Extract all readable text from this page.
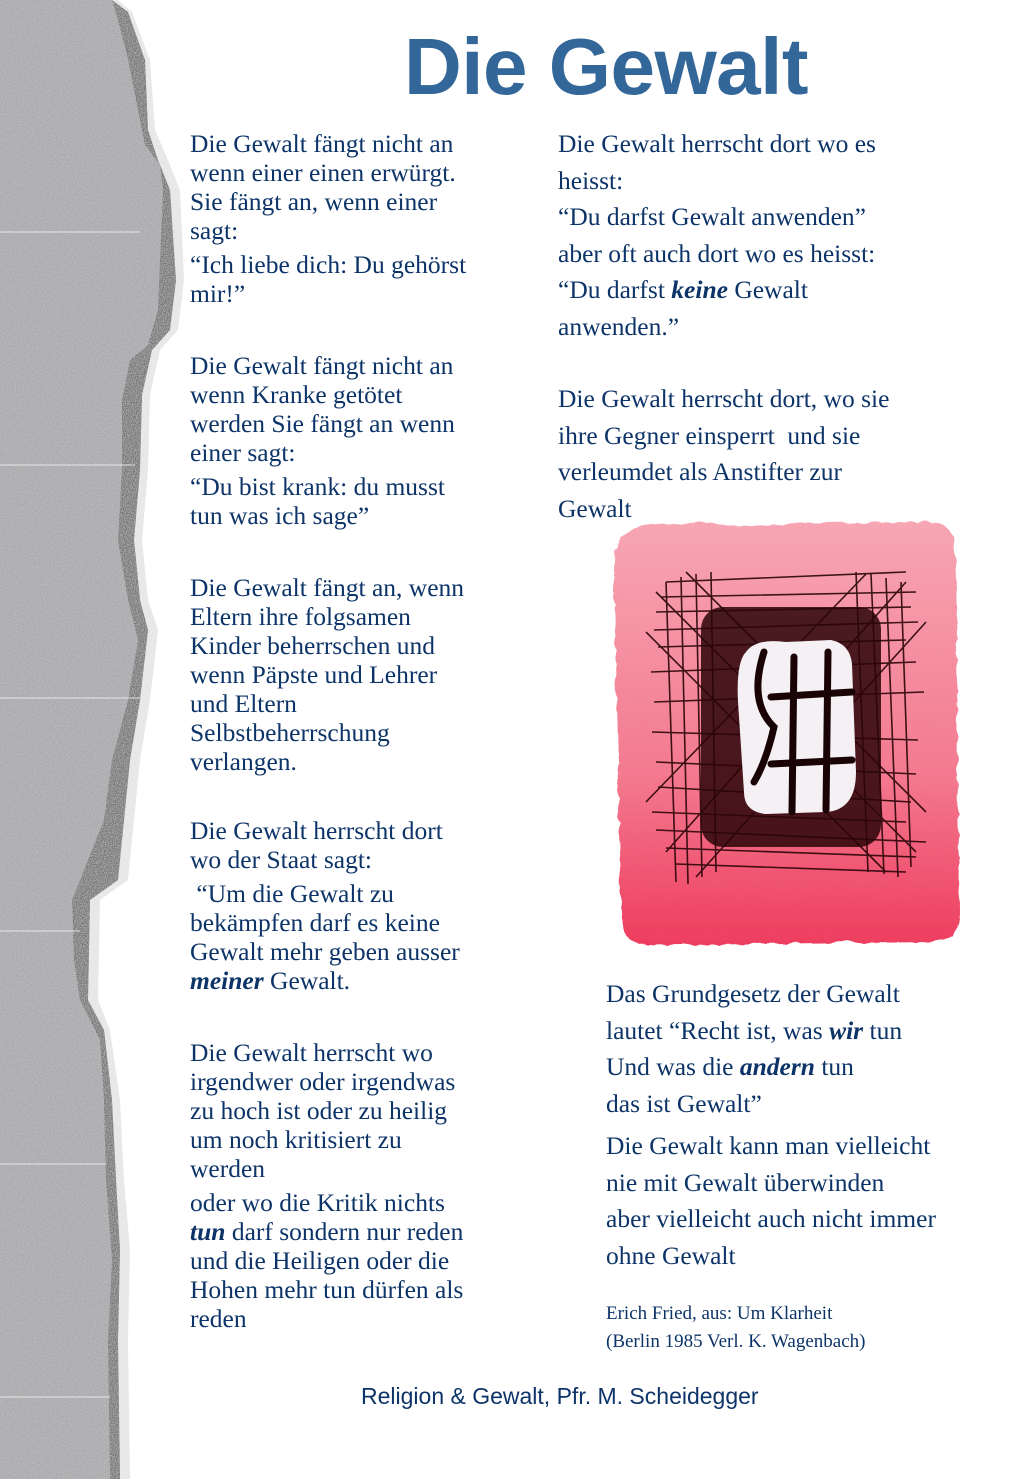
Die Gewalt

Die Gewalt fängt nicht an
wenn einer einen erwürgt.
Sie fängt an, wenn einer
sagt:

“Ich liebe dich: Du gehörst
mir!”

Die Gewalt fängt nicht an
wenn Kranke getötet
werden Sie fängt an wenn
einer sagt:

“Du bist krank: du musst
tun was ich sage”

Die Gewalt fängt an, wenn
Eltern ihre folgsamen
Kinder beherrschen und
wenn Päpste und Lehrer
und Eltern
Selbstbeherrschung
verlangen.

Die Gewalt herrscht dort
wo der Staat sagt:

“Um die Gewalt zu
bekämpfen darf es keine
Gewalt mehr geben ausser
meiner Gewalt.

Die Gewalt herrscht wo
irgendwer oder irgendwas
zu hoch ist oder zu heilig
um noch kritisiert zu
werden

oder wo die Kritik nichts
tun darf sondern nur reden
und die Heiligen oder die
Hohen mehr tun dürfen als
reden

Die Gewalt herrscht dort wo es
heisst:
“Du darfst Gewalt anwenden”
aber oft auch dort wo es heisst:
“Du darfst keine Gewalt
anwenden.”

Die Gewalt herrscht dort, wo sie
ihre Gegner einsperrt  und sie
verleumdet als Anstifter zur
Gewalt

Das Grundgesetz der Gewalt
lautet “Recht ist, was wir tun
Und was die andern tun
das ist Gewalt”

Die Gewalt kann man vielleicht
nie mit Gewalt überwinden
aber vielleicht auch nicht immer
ohne Gewalt

Erich Fried, aus: Um Klarheit
(Berlin 1985 Verl. K. Wagenbach)
Religion & Gewalt, Pfr. M. Scheidegger
